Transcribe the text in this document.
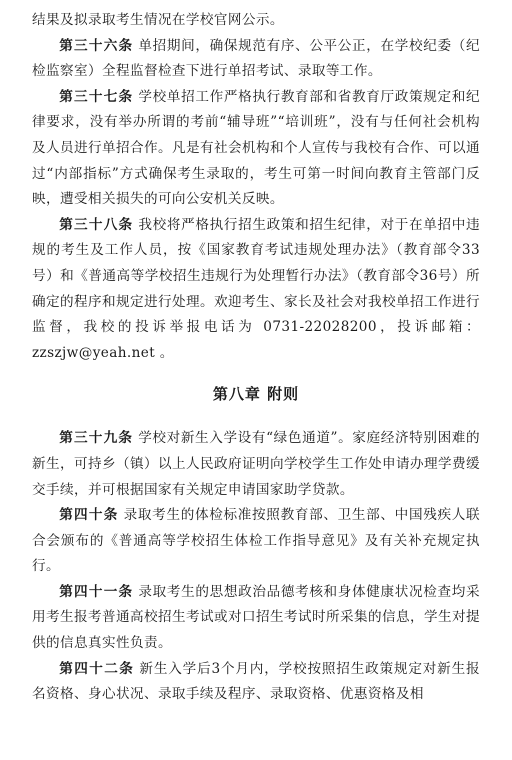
结果及拟录取考生情况在学校官网公示。

第三十六条 单招期间，确保规范有序、公平公正，在学校纪委（纪检监察室）全程监督检查下进行单招考试、录取等工作。

第三十七条 学校单招工作严格执行教育部和省教育厅政策规定和纪律要求，没有举办所谓的考前“辅导班”“培训班”，没有与任何社会机构及人员进行单招合作。凡是有社会机构和个人宣传与我校有合作、可以通过“内部指标”方式确保考生录取的，考生可第一时间向教育主管部门反映，遭受相关损失的可向公安机关反映。

第三十八条 我校将严格执行招生政策和招生纪律，对于在单招中违规的考生及工作人员，按《国家教育考试违规处理办法》（教育部令33号）和《普通高等学校招生违规行为处理暂行办法》（教育部令36号）所确定的程序和规定进行处理。欢迎考生、家长及社会对我校单招工作进行监督，我校的投诉举报电话为 0731-22028200，投诉邮箱：zzszjw@yeah.net 。

第八章 附则

第三十九条 学校对新生入学设有“绿色通道”。家庭经济特别困难的新生，可持乡（镇）以上人民政府证明向学校学生工作处申请办理学费缓交手续，并可根据国家有关规定申请国家助学贷款。

第四十条 录取考生的体检标准按照教育部、卫生部、中国残疾人联合会颁布的《普通高等学校招生体检工作指导意见》及有关补充规定执行。

第四十一条 录取考生的思想政治品德考核和身体健康状况检查均采用考生报考普通高校招生考试或对口招生考试时所采集的信息，学生对提供的信息真实性负责。

第四十二条 新生入学后3个月内，学校按照招生政策规定对新生报名资格、身心状况、录取手续及程序、录取资格、优惠资格及相
